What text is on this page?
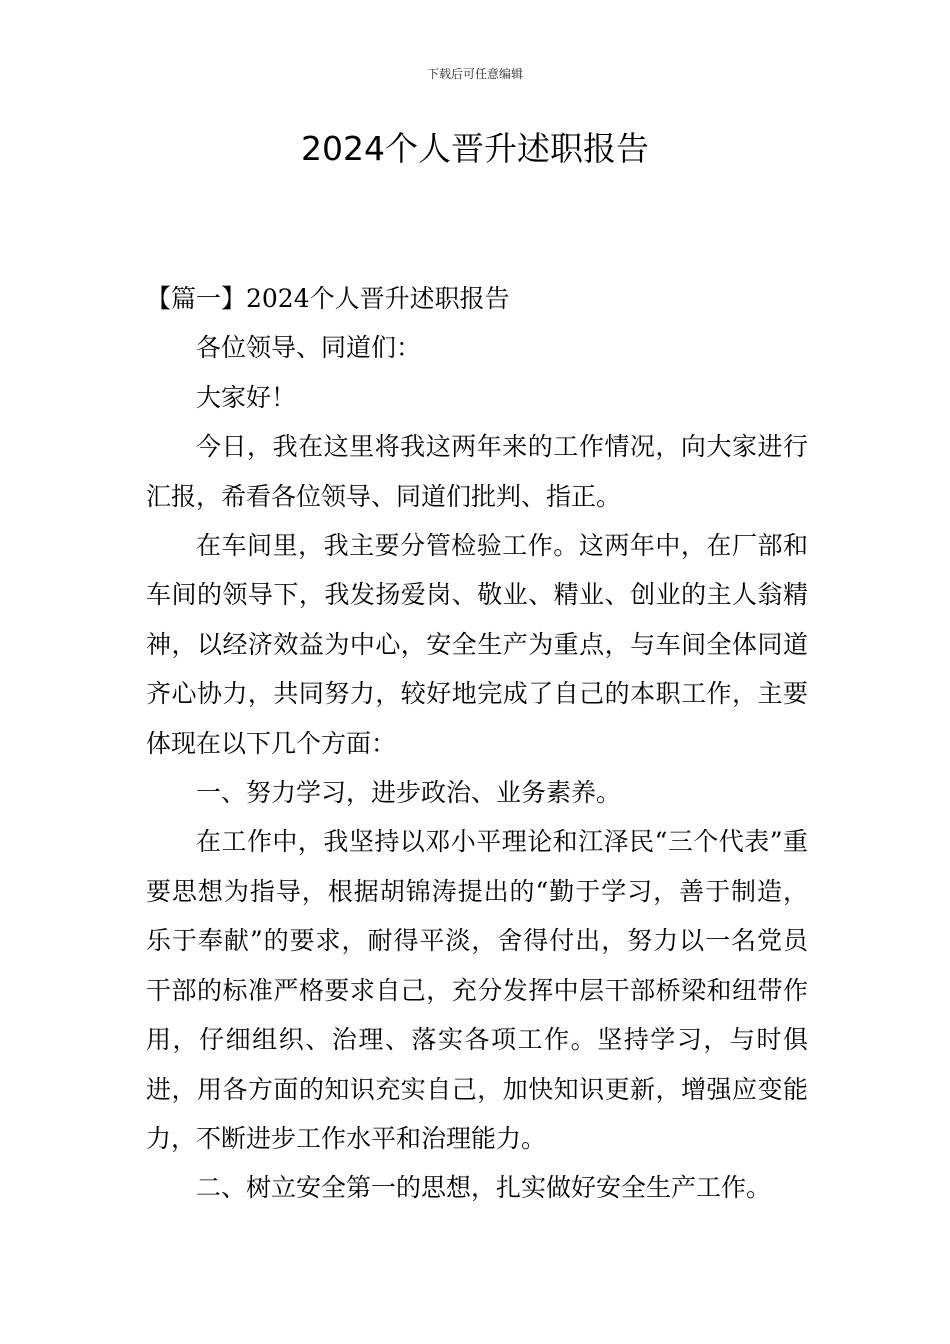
下载后可任意编辑
2024个人晋升述职报告

【篇一】2024个人晋升述职报告

各位领导、同道们：

大家好！

今日，我在这里将我这两年来的工作情况，向大家进行汇报，希看各位领导、同道们批判、指正。

在车间里，我主要分管检验工作。这两年中，在厂部和车间的领导下，我发扬爱岗、敬业、精业、创业的主人翁精神，以经济效益为中心，安全生产为重点，与车间全体同道齐心协力，共同努力，较好地完成了自己的本职工作，主要体现在以下几个方面：

一、努力学习，进步政治、业务素养。

在工作中，我坚持以邓小平理论和江泽民“三个代表”重要思想为指导，根据胡锦涛提出的“勤于学习，善于制造，乐于奉献”的要求，耐得平淡，舍得付出，努力以一名党员干部的标准严格要求自己，充分发挥中层干部桥梁和纽带作用，仔细组织、治理、落实各项工作。坚持学习，与时俱进，用各方面的知识充实自己，加快知识更新，增强应变能力，不断进步工作水平和治理能力。

二、树立安全第一的思想，扎实做好安全生产工作。
